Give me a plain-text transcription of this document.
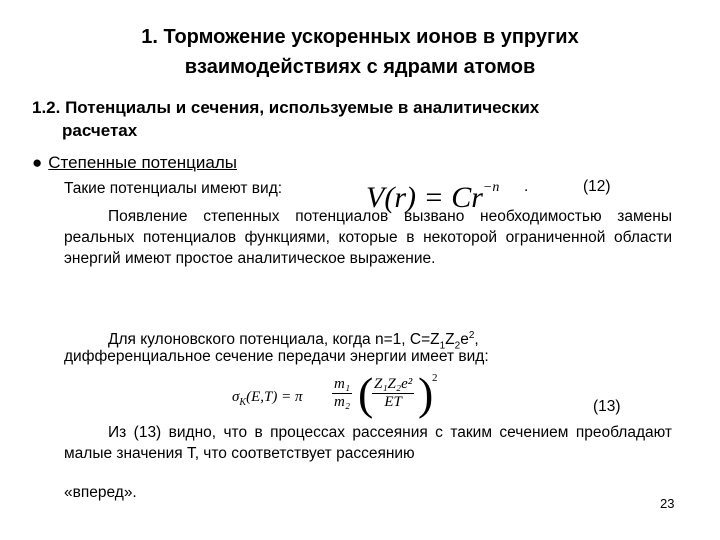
1. Торможение ускоренных ионов в упругих
взаимодействиях с ядрами атомов
1.2. Потенциалы и сечения, используемые в аналитических
расчетах
● Степенные потенциалы
Такие потенциалы имеют вид:	$V(r) = Cr^{-n}$ .	(12)
Появление степенных потенциалов вызвано необходимостью замены реальных потенциалов функциями, которые в некоторой ограниченной области энергий имеют простое аналитическое выражение.
Для кулоновского потенциала, когда n=1, $C=Z_1Z_2e^2$,
дифференциальное сечение передачи энергии имеет вид:
$\sigma_K(E,T) = \pi \frac{\text{m₁}}{\text{m₂}}$ (
$\frac{\text{Z₁Z₂e²}}{ET}$ )
2
(13)
Из (13) видно, что в процессах рассеяния с таким сечением преобладают малые значения Т, что соответствует рассеянию
«вперед».
23
